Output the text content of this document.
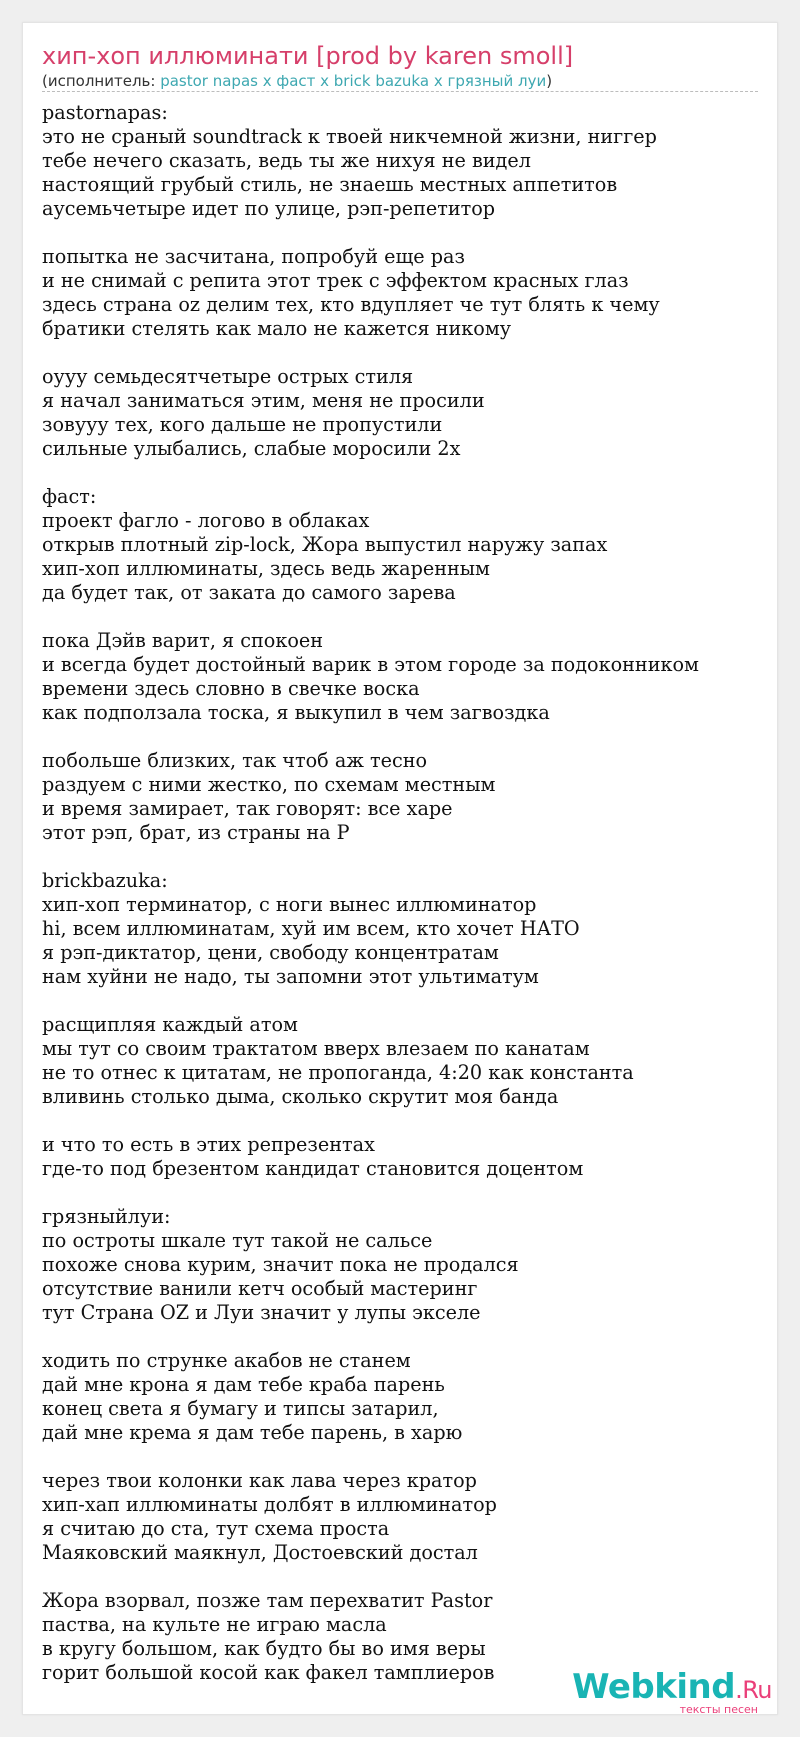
хип-хоп иллюминати [prod by karen smoll]
(исполнитель: pastor napas x фаст x brick bazuka x грязный луи)
pastornapas:
это не сраный soundtrack к твоей никчемной жизни, ниггер
тебе нечего сказать, ведь ты же нихуя не видел
настоящий грубый стиль, не знаешь местных аппетитов
аусемьчетыре идет по улице, рэп-репетитор
попытка не засчитана, попробуй еще раз
и не снимай с репита этот трек с эффектом красных глаз
здесь страна oz делим тех, кто вдупляет че тут блять к чему
братики стелять как мало не кажется никому
оууу семьдесятчетыре острых стиля
я начал заниматься этим, меня не просили
зовууу тех, кого дальше не пропустили
сильные улыбались, слабые моросили 2x
фаст:
проект фагло - логово в облаках
открыв плотный zip-lock, Жора выпустил наружу запах
хип-хоп иллюминаты, здесь ведь жаренным
да будет так, от заката до самого зарева
пока Дэйв варит, я спокоен
и всегда будет достойный варик в этом городе за подоконником
времени здесь словно в свечке воска
как подползала тоска, я выкупил в чем загвоздка
побольше близких, так чтоб аж тесно
раздуем с ними жестко, по схемам местным
и время замирает, так говорят: все харе
этот рэп, брат, из страны на Р
brickbazuka:
хип-хоп терминатор, с ноги вынес иллюминатор
hi, всем иллюминатам, хуй им всем, кто хочет НАТО
я рэп-диктатор, цени, свободу концентратам
нам хуйни не надо, ты запомни этот ультиматум
расщипляя каждый атом
мы тут со своим трактатом вверх влезаем по канатам
не то отнес к цитатам, не пропоганда, 4:20 как константа
вливинь столько дыма, сколько скрутит моя банда
и что то есть в этих репрезентах
где-то под брезентом кандидат становится доцентом
грязныйлуи:
по остроты шкале тут такой не сальсе
похоже снова курим, значит пока не продался
отсутствие ванили кетч особый мастеринг
тут Страна OZ и Луи значит у лупы экселе
ходить по струнке акабов не станем
дай мне крона я дам тебе краба парень
конец света я бумагу и типсы затарил,
дай мне крема я дам тебе парень, в харю
через твои колонки как лава через кратор
хип-хап иллюминаты долбят в иллюминатор
я считаю до ста, тут схема проста
Маяковский маякнул, Достоевский достал
Жора взорвал, позже там перехватит Pastor
паства, на культе не играю масла
в кругу большом, как будто бы во имя веры
горит большой косой как факел тамплиеров	Webkind.Ru
тексты песен
